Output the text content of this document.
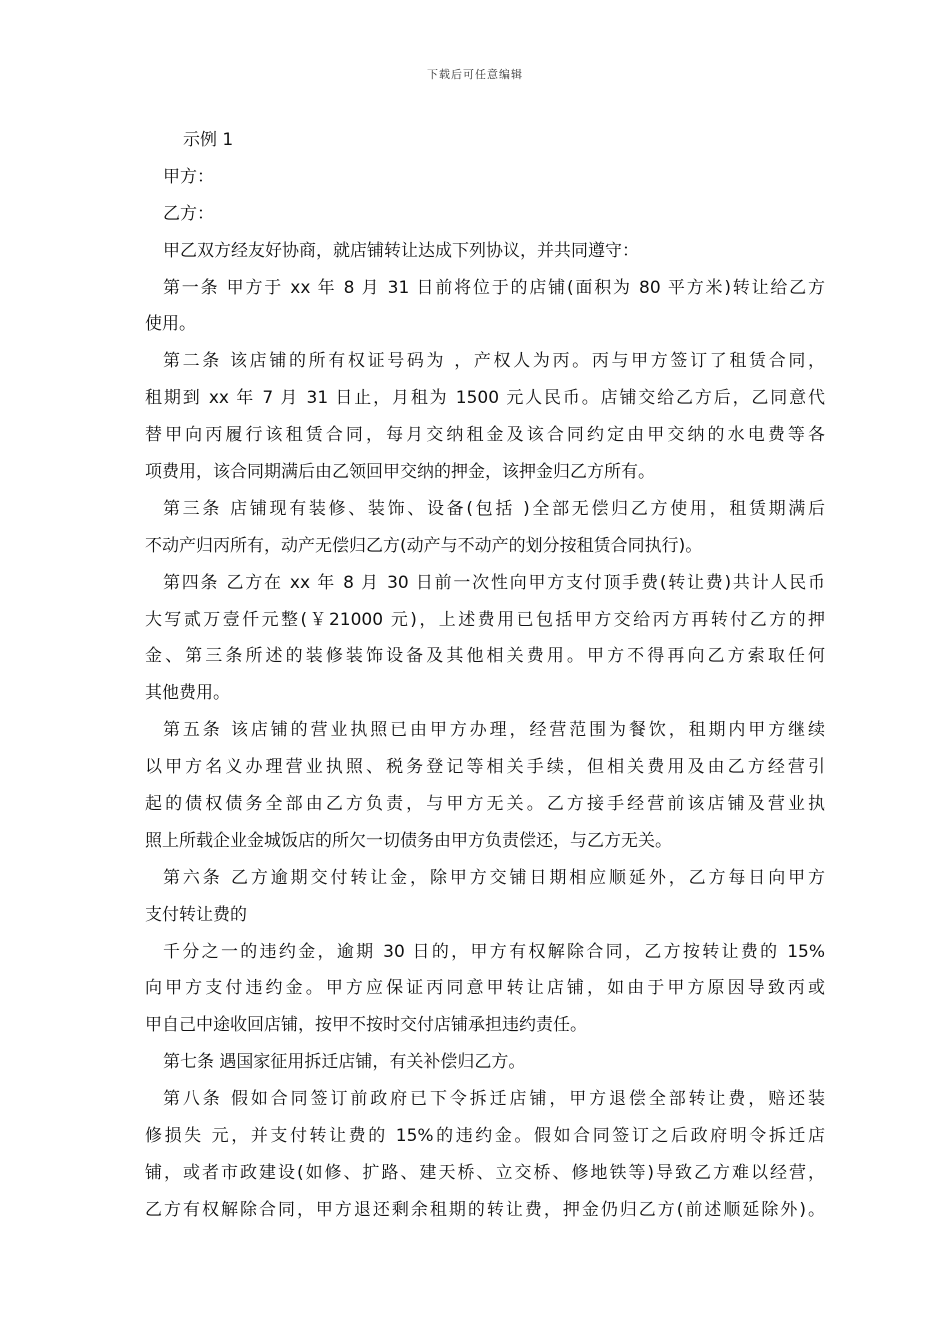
下载后可任意编辑
示例 1
甲方：
乙方：
甲乙双方经友好协商，就店铺转让达成下列协议，并共同遵守：
第一条 甲方于 xx 年 8 月 31 日前将位于的店铺(面积为 80 平方米)转让给乙方
使用。
第二条 该店铺的所有权证号码为 ，产权人为丙。丙与甲方签订了租赁合同，
租期到 xx 年 7 月 31 日止，月租为 1500 元人民币。店铺交给乙方后，乙同意代
替甲向丙履行该租赁合同，每月交纳租金及该合同约定由甲交纳的水电费等各
项费用，该合同期满后由乙领回甲交纳的押金，该押金归乙方所有。
第三条 店铺现有装修、装饰、设备(包括 )全部无偿归乙方使用，租赁期满后
不动产归丙所有，动产无偿归乙方(动产与不动产的划分按租赁合同执行)。
第四条 乙方在 xx 年 8 月 30 日前一次性向甲方支付顶手费(转让费)共计人民币
大写贰万壹仟元整(￥21000 元)，上述费用已包括甲方交给丙方再转付乙方的押
金、第三条所述的装修装饰设备及其他相关费用。甲方不得再向乙方索取任何
其他费用。
第五条 该店铺的营业执照已由甲方办理，经营范围为餐饮，租期内甲方继续
以甲方名义办理营业执照、税务登记等相关手续，但相关费用及由乙方经营引
起的债权债务全部由乙方负责，与甲方无关。乙方接手经营前该店铺及营业执
照上所载企业金城饭店的所欠一切债务由甲方负责偿还，与乙方无关。
第六条 乙方逾期交付转让金，除甲方交铺日期相应顺延外，乙方每日向甲方
支付转让费的
千分之一的违约金，逾期 30 日的，甲方有权解除合同，乙方按转让费的 15%
向甲方支付违约金。甲方应保证丙同意甲转让店铺，如由于甲方原因导致丙或
甲自己中途收回店铺，按甲不按时交付店铺承担违约责任。
第七条 遇国家征用拆迁店铺，有关补偿归乙方。
第八条 假如合同签订前政府已下令拆迁店铺，甲方退偿全部转让费，赔还装
修损失 元，并支付转让费的 15%的违约金。假如合同签订之后政府明令拆迁店
铺，或者市政建设(如修、扩路、建天桥、立交桥、修地铁等)导致乙方难以经营，
乙方有权解除合同，甲方退还剩余租期的转让费，押金仍归乙方(前述顺延除外)。
